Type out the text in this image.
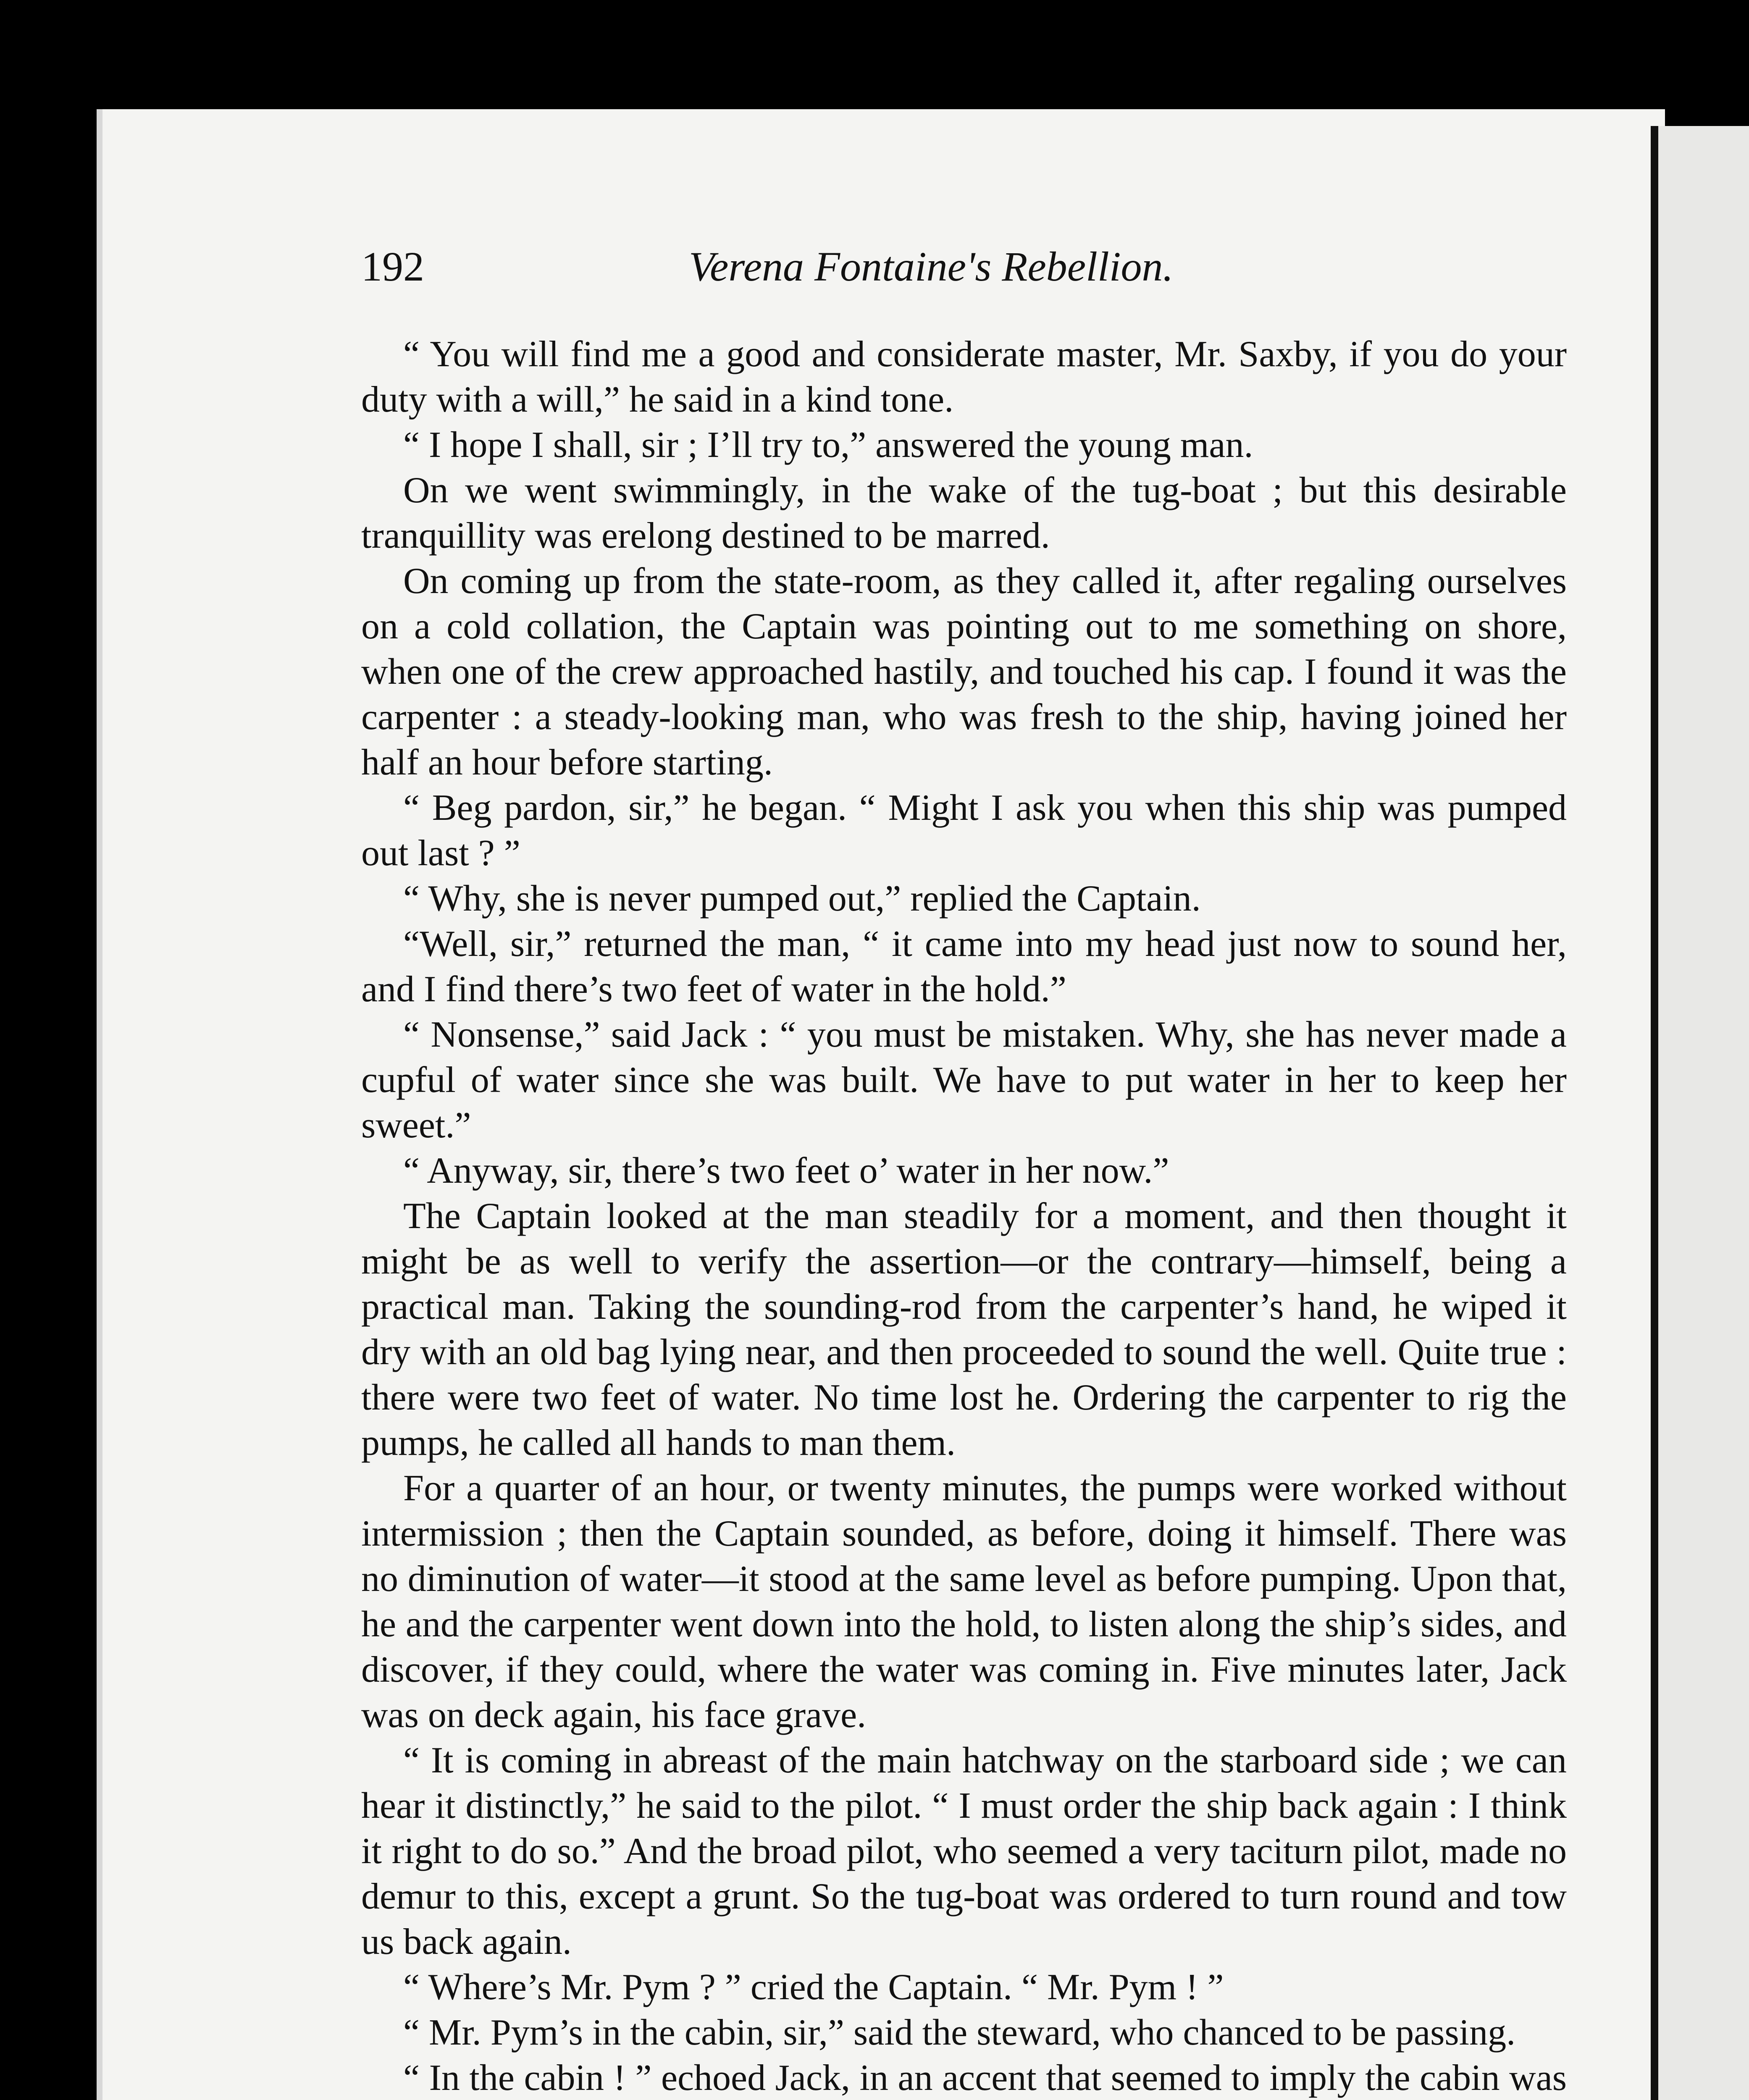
192	Verena Fontaine's Rebellion.

“ You will find me a good and considerate master, Mr. Saxby, if you do your duty with a will,” he said in a kind tone.

“ I hope I shall, sir ; I’ll try to,” answered the young man.

On we went swimmingly, in the wake of the tug-boat ; but this desirable tranquillity was erelong destined to be marred.

On coming up from the state-room, as they called it, after regaling ourselves on a cold collation, the Captain was pointing out to me something on shore, when one of the crew approached hastily, and touched his cap. I found it was the carpenter : a steady-looking man, who was fresh to the ship, having joined her half an hour before starting.

“ Beg pardon, sir,” he began. “ Might I ask you when this ship was pumped out last ? ”

“ Why, she is never pumped out,” replied the Captain.

“Well, sir,” returned the man, “ it came into my head just now to sound her, and I find there’s two feet of water in the hold.”

“ Nonsense,” said Jack : “ you must be mistaken. Why, she has never made a cupful of water since she was built. We have to put water in her to keep her sweet.”

“ Anyway, sir, there’s two feet o’ water in her now.”

The Captain looked at the man steadily for a moment, and then thought it might be as well to verify the assertion—or the contrary—himself, being a practical man. Taking the sounding-rod from the carpenter’s hand, he wiped it dry with an old bag lying near, and then proceeded to sound the well. Quite true : there were two feet of water. No time lost he. Ordering the carpenter to rig the pumps, he called all hands to man them.

For a quarter of an hour, or twenty minutes, the pumps were worked without intermission ; then the Captain sounded, as before, doing it himself. There was no diminution of water—it stood at the same level as before pumping. Upon that, he and the carpenter went down into the hold, to listen along the ship’s sides, and discover, if they could, where the water was coming in. Five minutes later, Jack was on deck again, his face grave.

“ It is coming in abreast of the main hatchway on the starboard side ; we can hear it distinctly,” he said to the pilot. “ I must order the ship back again : I think it right to do so.” And the broad pilot, who seemed a very taciturn pilot, made no demur to this, except a grunt. So the tug-boat was ordered to turn round and tow us back again.

“ Where’s Mr. Pym ? ” cried the Captain. “ Mr. Pym ! ”

“ Mr. Pym’s in the cabin, sir,” said the steward, who chanced to be passing.

“ In the cabin ! ” echoed Jack, in an accent that seemed to imply the cabin was
